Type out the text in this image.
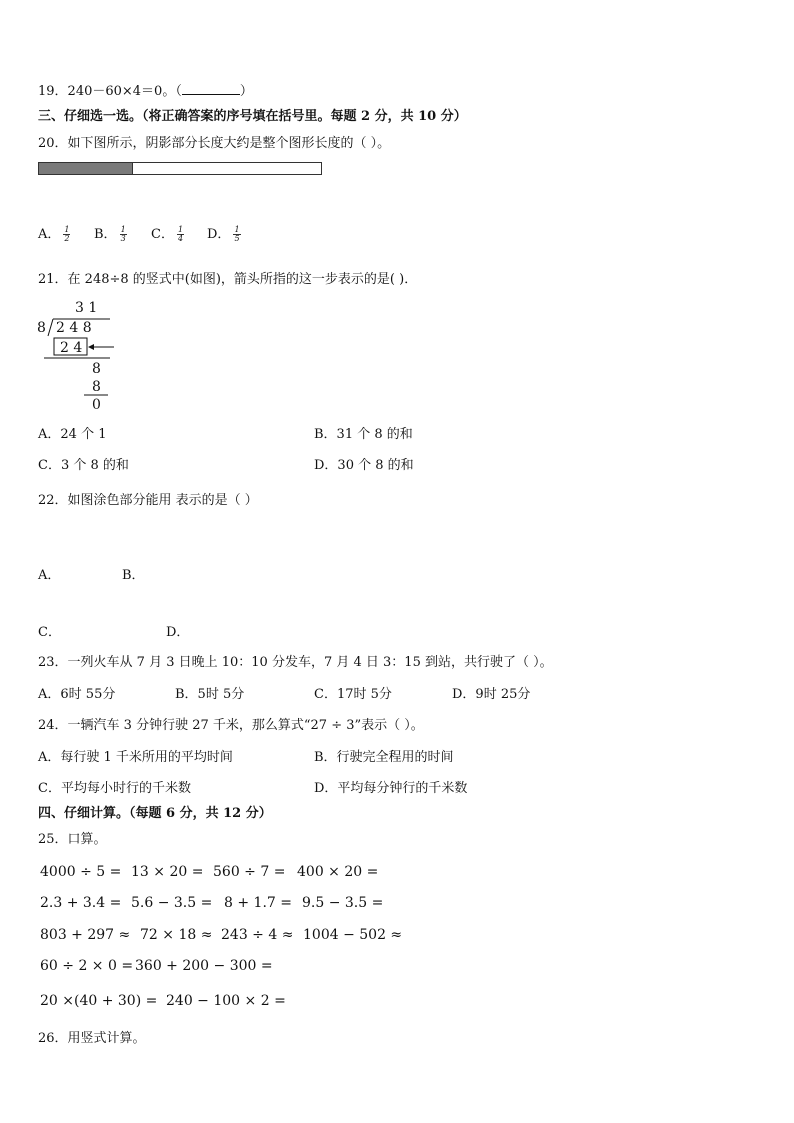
19．240－60×4＝0。（	）
三、仔细选一选。（将正确答案的序号填在括号里。每题 2 分，共 10 分）
20．如下图所示，阴影部分长度大约是整个图形长度的（ ）。
A． $\frac{1}{2}$ B． $\frac{1}{3}$ C． $\frac{1}{4}$ D． $\frac{1}{5}$
21．在 248÷8 的竖式中(如图)，箭头所指的这一步表示的是( )．
3 1
8 2 4 8
2 4
8
8
0
A．24 个 1	B．31 个 8 的和
C．3 个 8 的和	D．30 个 8 的和
22．如图涂色部分能用 表示的是（ ）
A．	B．
C．	D．
23．一列火车从 7 月 3 日晚上 10：10 分发车，7 月 4 日 3：15 到站，共行驶了（ ）。
A．6时 55分	B．5时 5分	C．17时 5分	D．9时 25分
24．一辆汽车 3 分钟行驶 27 千米，那么算式“27 ÷ 3”表示（ ）。
A．每行驶 1 千米所用的平均时间	B．行驶完全程用的时间
C．平均每小时行的千米数	D．平均每分钟行的千米数
四、仔细计算。（每题 6 分，共 12 分）
25．口算。
4000 ÷ 5 = 13 × 20 = 560 ÷ 7 = 400 × 20 =
2.3 + 3.4 = 5.6 − 3.5 = 8 + 1.7 = 9.5 − 3.5 =
803 + 297 ≈ 72 × 18 ≈ 243 ÷ 4 ≈ 1004 − 502 ≈
60 ÷ 2 × 0 = 360 + 200 − 300 =
20 ×(40 + 30) = 240 − 100 × 2 =
26．用竖式计算。
